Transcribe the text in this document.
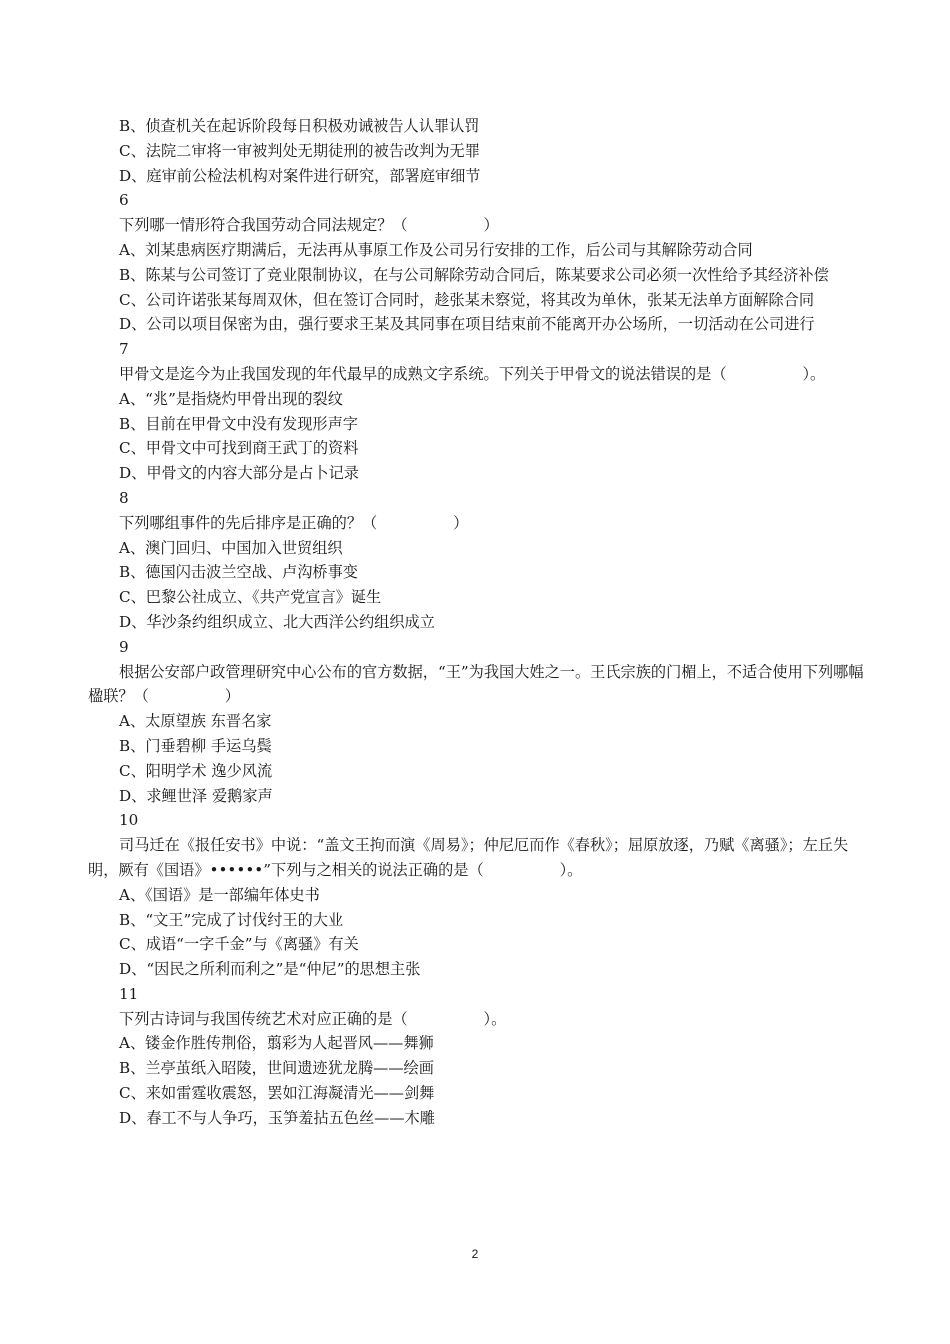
B、侦查机关在起诉阶段每日积极劝诫被告人认罪认罚
C、法院二审将一审被判处无期徒刑的被告改判为无罪
D、庭审前公检法机构对案件进行研究，部署庭审细节
6
下列哪一情形符合我国劳动合同法规定？（　　　　　）
A、刘某患病医疗期满后，无法再从事原工作及公司另行安排的工作，后公司与其解除劳动合同
B、陈某与公司签订了竞业限制协议，在与公司解除劳动合同后，陈某要求公司必须一次性给予其经济补偿
C、公司许诺张某每周双休，但在签订合同时，趁张某未察觉，将其改为单休，张某无法单方面解除合同
D、公司以项目保密为由，强行要求王某及其同事在项目结束前不能离开办公场所，一切活动在公司进行
7
甲骨文是迄今为止我国发现的年代最早的成熟文字系统。下列关于甲骨文的说法错误的是（　　　　　）。
A、“兆”是指烧灼甲骨出现的裂纹
B、目前在甲骨文中没有发现形声字
C、甲骨文中可找到商王武丁的资料
D、甲骨文的内容大部分是占卜记录
8
下列哪组事件的先后排序是正确的？（　　　　　）
A、澳门回归、中国加入世贸组织
B、德国闪击波兰空战、卢沟桥事变
C、巴黎公社成立、《共产党宣言》诞生
D、华沙条约组织成立、北大西洋公约组织成立
9
根据公安部户政管理研究中心公布的官方数据，“王”为我国大姓之一。王氏宗族的门楣上，不适合使用下列哪幅楹联？（　　　　　）
A、太原望族 东晋名家
B、门垂碧柳 手运乌鬓
C、阳明学术 逸少风流
D、求鲤世泽 爱鹅家声
10
司马迁在《报任安书》中说：“盖文王拘而演《周易》；仲尼厄而作《春秋》；屈原放逐，乃赋《离骚》；左丘失明，厥有《国语》••••••”下列与之相关的说法正确的是（　　　　　）。
A、《国语》是一部编年体史书
B、“文王”完成了讨伐纣王的大业
C、成语“一字千金”与《离骚》有关
D、“因民之所利而利之”是“仲尼”的思想主张
11
下列古诗词与我国传统艺术对应正确的是（　　　　　）。
A、镂金作胜传荆俗，翦彩为人起晋风——舞狮
B、兰亭茧纸入昭陵，世间遗迹犹龙腾——绘画
C、来如雷霆收震怒，罢如江海凝清光——剑舞
D、春工不与人争巧，玉笋羞拈五色丝——木雕
2
